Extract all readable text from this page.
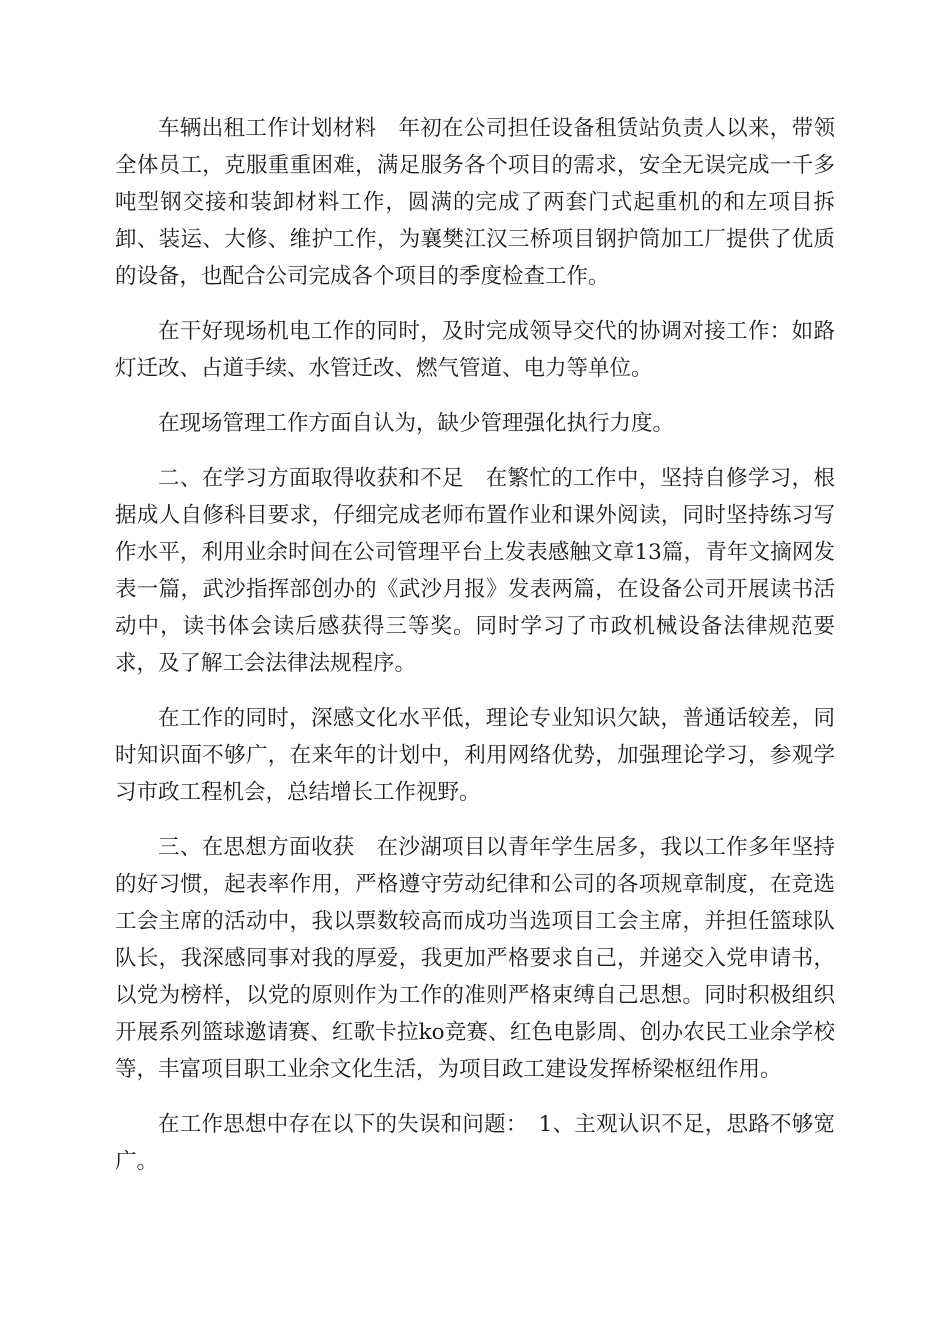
车辆出租工作计划材料　年初在公司担任设备租赁站负责人以来，带领全体员工，克服重重困难，满足服务各个项目的需求，安全无误完成一千多吨型钢交接和装卸材料工作，圆满的完成了两套门式起重机的和左项目拆卸、装运、大修、维护工作，为襄樊江汉三桥项目钢护筒加工厂提供了优质的设备，也配合公司完成各个项目的季度检查工作。

在干好现场机电工作的同时，及时完成领导交代的协调对接工作：如路灯迁改、占道手续、水管迁改、燃气管道、电力等单位。

在现场管理工作方面自认为，缺少管理强化执行力度。

二、在学习方面取得收获和不足　在繁忙的工作中，坚持自修学习，根据成人自修科目要求，仔细完成老师布置作业和课外阅读，同时坚持练习写作水平，利用业余时间在公司管理平台上发表感触文章13篇，青年文摘网发表一篇，武沙指挥部创办的《武沙月报》发表两篇，在设备公司开展读书活动中，读书体会读后感获得三等奖。同时学习了市政机械设备法律规范要求，及了解工会法律法规程序。

在工作的同时，深感文化水平低，理论专业知识欠缺，普通话较差，同时知识面不够广，在来年的计划中，利用网络优势，加强理论学习，参观学习市政工程机会，总结增长工作视野。

三、在思想方面收获　在沙湖项目以青年学生居多，我以工作多年坚持的好习惯，起表率作用，严格遵守劳动纪律和公司的各项规章制度，在竞选工会主席的活动中，我以票数较高而成功当选项目工会主席，并担任篮球队队长，我深感同事对我的厚爱，我更加严格要求自己，并递交入党申请书，以党为榜样，以党的原则作为工作的准则严格束缚自己思想。同时积极组织开展系列篮球邀请赛、红歌卡拉ko竞赛、红色电影周、创办农民工业余学校等，丰富项目职工业余文化生活，为项目政工建设发挥桥梁枢纽作用。

在工作思想中存在以下的失误和问题：　1、主观认识不足，思路不够宽广。
